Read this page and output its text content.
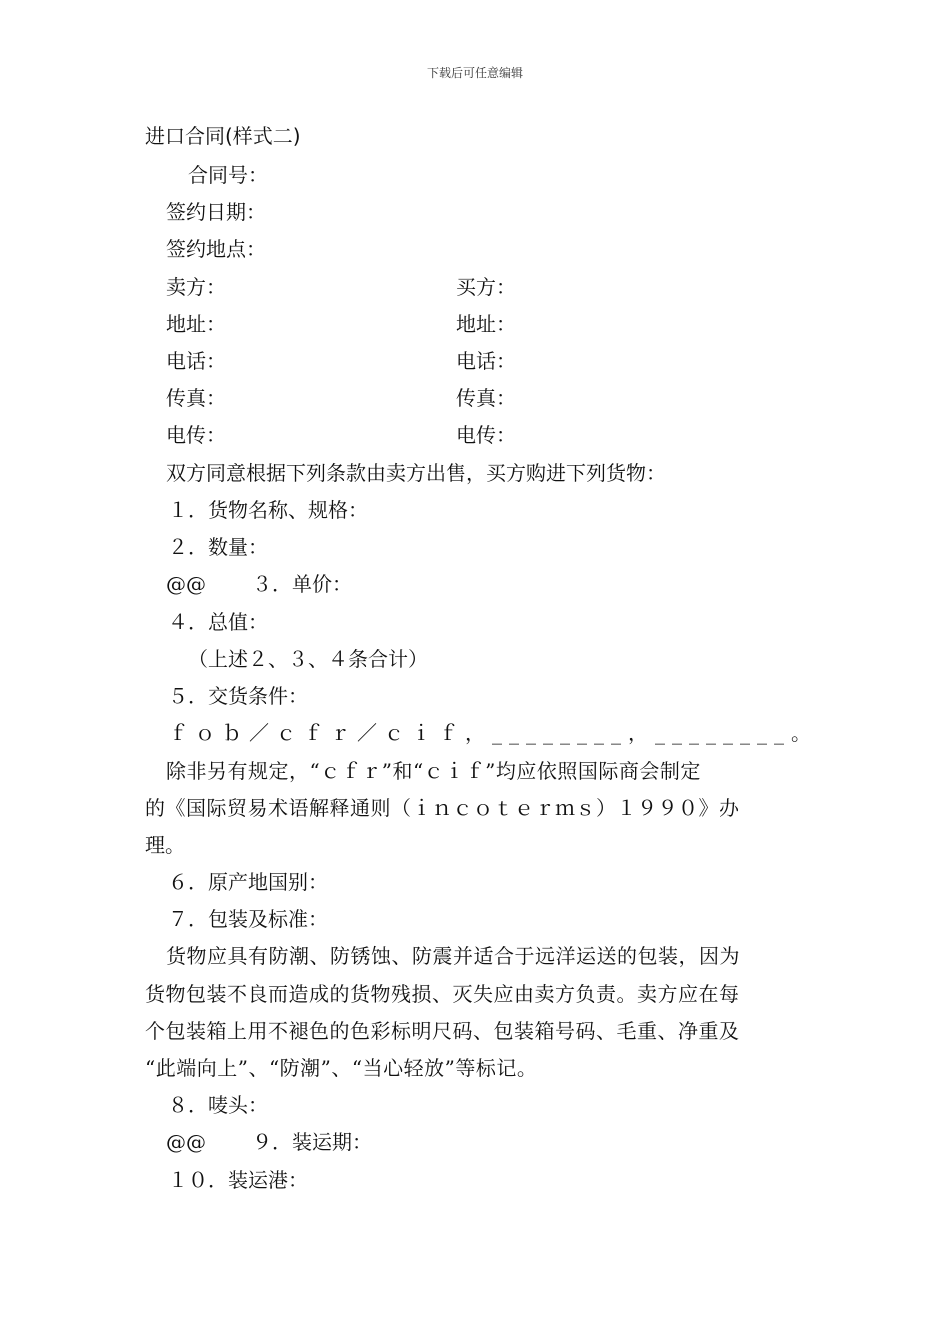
下载后可任意编辑
进口合同(样式二)
合同号：
签约日期：
签约地点：
卖方：	买方：
地址：	地址：
电话：	电话：
传真：	传真：
电传：	电传：
双方同意根据下列条款由卖方出售，买方购进下列货物：
１．货物名称、规格：
２．数量：
@@ ３．单价：
４．总值：
（上述２、３、４条合计）
５．交货条件：
ｆｏｂ／ｃｆｒ／ｃｉｆ，________，________。
除非另有规定，“ｃｆｒ”和“ｃｉｆ”均应依照国际商会制定
的《国际贸易术语解释通则（ｉｎｃｏｔｅｒｍｓ）１９９０》办
理。
６．原产地国别：
７．包装及标准：
货物应具有防潮、防锈蚀、防震并适合于远洋运送的包装，因为
货物包装不良而造成的货物残损、灭失应由卖方负责。卖方应在每
个包装箱上用不褪色的色彩标明尺码、包装箱号码、毛重、净重及
“此端向上”、“防潮”、“当心轻放”等标记。
８．唛头：
@@ ９．装运期：
１０．装运港：
